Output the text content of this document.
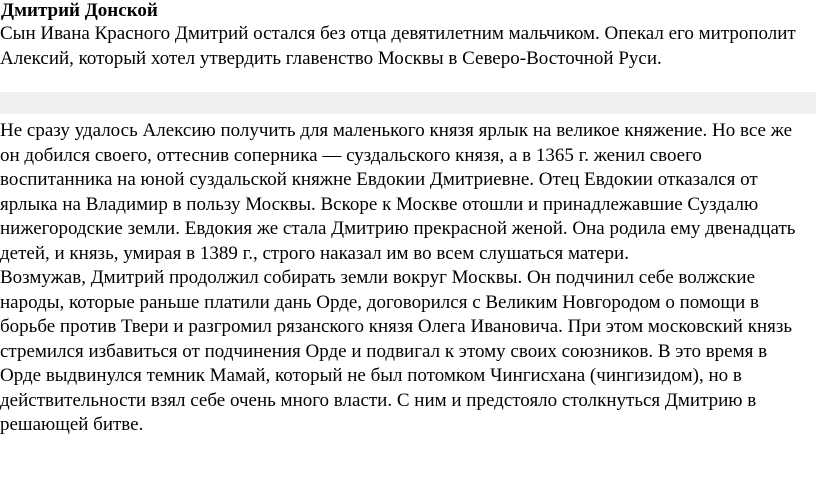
Дмитрий Донской

Сын Ивана Красного Дмитрий остался без отца девятилетним мальчиком. Опекал его митрополит Алексий, который хотел утвердить главенство Москвы в Северо-Восточной Руси.

Не сразу удалось Алексию получить для маленького князя ярлык на великое княжение. Но все же он добился своего, оттеснив соперника — суздальского князя, а в 1365 г. женил своего воспитанника на юной суздальской княжне Евдокии Дмитриевне. Отец Евдокии отказался от ярлыка на Владимир в пользу Москвы. Вскоре к Москве отошли и принадлежавшие Суздалю нижегородские земли. Евдокия же стала Дмитрию прекрасной женой. Она родила ему двенадцать детей, и князь, умирая в 1389 г., строго наказал им во всем слушаться матери.

Возмужав, Дмитрий продолжил собирать земли вокруг Москвы. Он подчинил себе волжские народы, которые раньше платили дань Орде, договорился с Великим Новгородом о помощи в борьбе против Твери и разгромил рязанского князя Олега Ивановича. При этом московский князь стремился избавиться от подчинения Орде и подвигал к этому своих союзников. В это время в Орде выдвинулся темник Мамай, который не был потомком Чингисхана (чингизидом), но в действительности взял себе очень много власти. С ним и предстояло столкнуться Дмитрию в решающей битве.
